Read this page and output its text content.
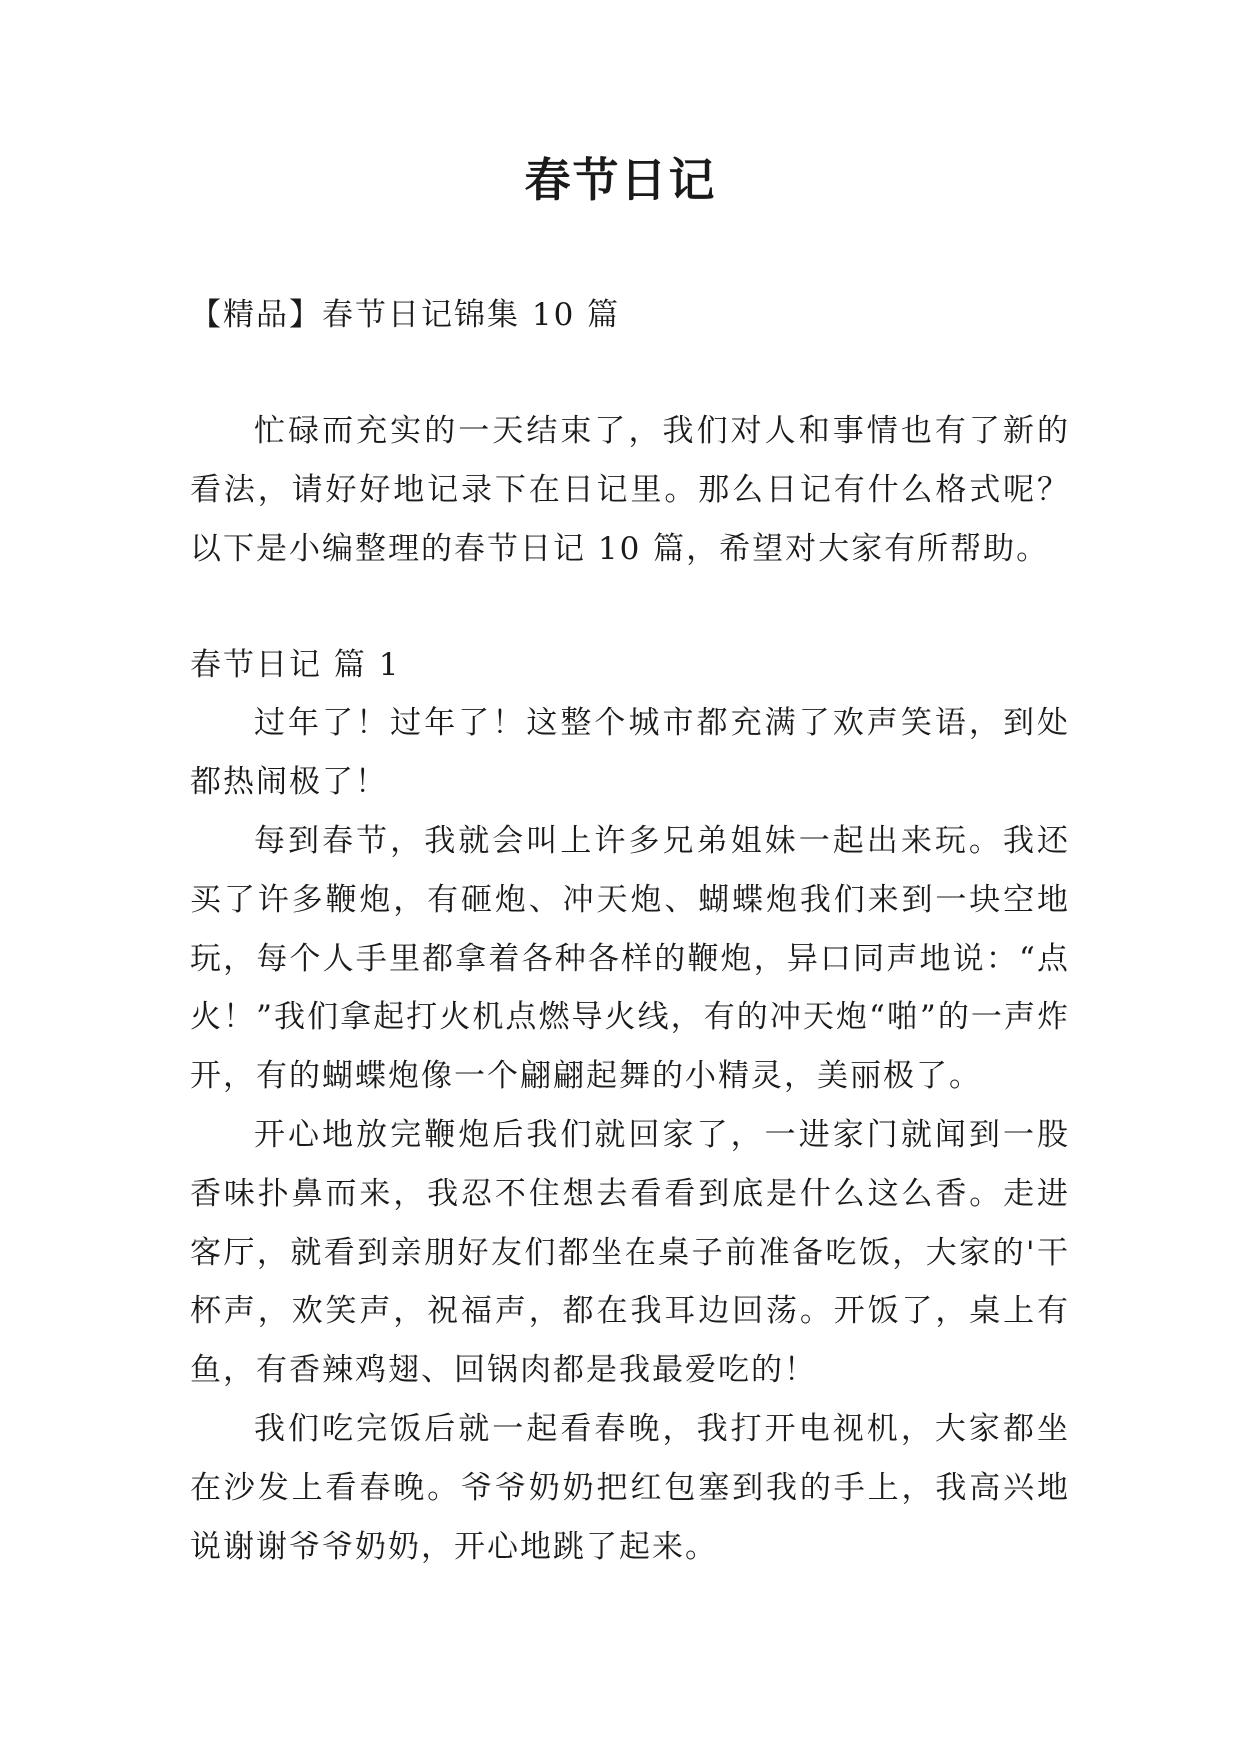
春节日记

【精品】春节日记锦集 10 篇

忙碌而充实的一天结束了，我们对人和事情也有了新的看法，请好好地记录下在日记里。那么日记有什么格式呢？以下是小编整理的春节日记 10 篇，希望对大家有所帮助。

春节日记 篇 1

过年了！过年了！这整个城市都充满了欢声笑语，到处都热闹极了！

每到春节，我就会叫上许多兄弟姐妹一起出来玩。我还买了许多鞭炮，有砸炮、冲天炮、蝴蝶炮我们来到一块空地玩，每个人手里都拿着各种各样的鞭炮，异口同声地说：“点火！”我们拿起打火机点燃导火线，有的冲天炮“啪”的一声炸开，有的蝴蝶炮像一个翩翩起舞的小精灵，美丽极了。

开心地放完鞭炮后我们就回家了，一进家门就闻到一股香味扑鼻而来，我忍不住想去看看到底是什么这么香。走进客厅，就看到亲朋好友们都坐在桌子前准备吃饭，大家的'干杯声，欢笑声，祝福声，都在我耳边回荡。开饭了，桌上有鱼，有香辣鸡翅、回锅肉都是我最爱吃的！

我们吃完饭后就一起看春晚，我打开电视机，大家都坐在沙发上看春晚。爷爷奶奶把红包塞到我的手上，我高兴地说谢谢爷爷奶奶，开心地跳了起来。
